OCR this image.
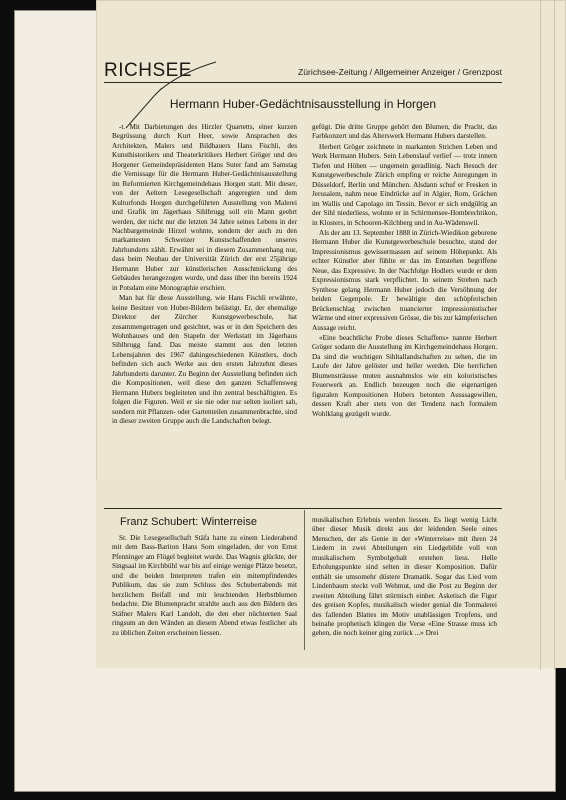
RICHSEE	Zürichsee-Zeitung / Allgemeiner Anzeiger / Grenzpost
Hermann Huber-Gedächtnisausstellung in Horgen

-t. Mit Darbietungen des Hirzler Quartetts, einer kurzen Begrüssung durch Kurt Heer, sowie Ansprachen des Architekten, Malers und Bildhauers Hans Fischli, des Kunsthistorikers und Theaterkritikers Herbert Gröger und des Horgener Gemeindepräsidenten Hans Suter fand am Samstag die Vernissage für die Hermann Huber-Gedächtnisausstellung im Reformierten Kirchgemeindehaus Horgen statt. Mit dieser, von der Aeltern Lesegesellschaft angeregten und dem Kulturfonds Horgen durchgeführten Ausstellung von Malerei und Grafik im Jägerhaus Sihlbrugg soll ein Mann geehrt werden, der nicht nur die letzten 34 Jahre seines Lebens in der Nachbargemeinde Hirzel wohnte, sondern der auch zu den markantesten Schweizer Kunstschaffenden unseres Jahrhunderts zählt. Erwähnt sei in diesem Zusammenhang nur, dass beim Neubau der Universität Zürich der erst 25jährige Hermann Huber zur künstlerischen Ausschmückung des Gebäudes herangezogen wurde, und dass über ihn bereits 1924 in Potsdam eine Monographie erschien.

Man hat für diese Ausstellung, wie Hans Fischli erwähnte, keine Besitzer von Huber-Bildern belästigt. Er, der ehemalige Direktor der Zürcher Kunstgewerbeschule, hat zusammengetragen und gesichtet, was er in den Speichern des Wohnhauses und den Stapeln der Werkstatt im Jägerhaus Sihlbrugg fand. Das meiste stammt aus den letzten Lebensjahren des 1967 dahingeschiedenen Künstlers, doch befinden sich auch Werke aus den ersten Jahrzehnt dieses Jahrhunderts darunter. Zu Beginn der Ausstellung befinden sich die Kompositionen, weil diese den ganzen Schaffensweg Hermann Hubers begleiteten und ihn zentral beschäftigten. Es folgen die Figuren. Weil er sie nie oder nur selten isoliert sah, sondern mit Pflanzen- oder Gartenteilen zusammenbrachte, sind in dieser zweiten Gruppe auch die Landschaften belegt.

gefügt. Die dritte Gruppe gehört den Blumen, die Pracht, das Farbkonzert und das Alterswerk Hermann Hubers darstellen.

Herbert Gröger zeichnete in markanten Strichen Leben und Werk Hermann Hubers. Sein Lebenslauf verlief — trotz innern Tiefen und Höhen — ungemein geradlinig. Nach Besuch der Kunstgewerbeschule Zürich empfing er reiche Anregungen in Düsseldorf, Berlin und München. Alsdann schuf er Fresken in Jerusalem, nahm neue Eindrücke auf in Algier, Rom, Grächen im Wallis und Capolago im Tessin. Bevor er sich endgültig an der Sihl niederliess, wohnte er in Schirmensee-Hombrechtikon, in Klosters, in Schooren-Kilchberg und in Au-Wädenswil.

Als der am 13. September 1888 in Zürich-Wiedikon geborene Hermann Huber die Kunstgewerbeschule besuchte, stand der Impressionismus gewissermassen auf seinem Höhepunkt. Als echter Künstler aber fühlte er das im Entstehen begriffene Neue, das Expressive. In der Nachfolge Hodlers wurde er dem Expressionismus stark verpflichtet. In seinem Streben nach Synthese gelang Hermann Huber jedoch die Versöhnung der beiden Gegenpole. Er bewältigte den schöpferischen Brückenschlag zwischen nuancierter impressionistischer Wärme und einer expressiven Grösse, die bis zur kämpferischen Aussage reicht.

«Eine beachtliche Probe dieses Schaffens» nannte Herbert Gröger sodann die Ausstellung im Kirchgemeindehaus Horgen. Da sind die wuchtigen Sihltallandschaften zu sehen, die im Laufe der Jahre gelöster und heller werden. Die herrlichen Blumensträusse muten ausnahmslos wie ein koloristisches Feuerwerk an. Endlich bezeugen noch die eigenartigen figuralen Kompositionen Hubers betonten Ausssagewillen, dessen Kraft aber stets von der Tendenz nach formalem Wohlklang gezügelt wurde.

Franz Schubert: Winterreise

Sr. Die Lesegesellschaft Stäfa hatte zu einem Liederabend mit dem Bass-Bariton Hans Som eingeladen, der von Ernst Pfenninger am Flügel begleitet wurde. Das Wagnis glückte, der Singsaal im Kirchbühl war bis auf einige wenige Plätze besetzt, und die beiden Interpreten trafen ein mitempfindendes Publikum, das sie zum Schluss des Schubertabends mit herzlichem Beifall und mit leuchtenden Herbstblumen bedachte. Die Blumenpracht strahlte auch aus den Bildern des Stäfner Malers Karl Landolt, die den eher nüchternen Saal ringsum an den Wänden an diesem Abend etwas festlicher als zu üblichen Zeiten erscheinen liessen.

musikalischen Erlebnis werden liessen. Es liegt wenig Licht über dieser Musik direkt aus der leidenden Seele eines Menschen, der als Genie in der «Winterreise» mit ihren 24 Liedern in zwei Abteilungen ein Liedgebilde voll von musikalischem Symbolgehalt erstehen liess. Helle Erholungspunkte sind selten in dieser Komposition. Dafür enthält sie umsomehr düstere Dramatik. Sogar das Lied vom Lindenbaum steckt voll Wehmut, und die Post zu Beginn der zweiten Abteilung fährt stürmisch einher. Asketisch die Figur des greisen Kopfes, musikalisch wieder genial die Tonmalerei des fallenden Blattes im Motiv unablässigen Tropfens, und beinahe prophetisch klingen die Verse «Eine Strasse muss ich gehen, die noch keiner ging zurück ...» Drei
